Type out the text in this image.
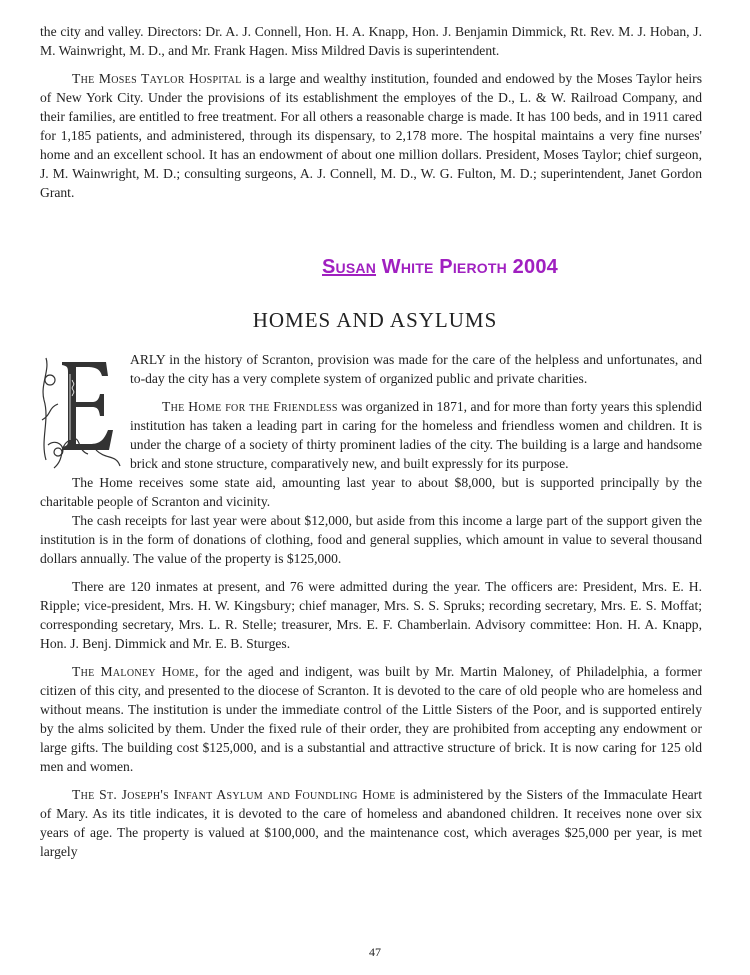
the city and valley. Directors: Dr. A. J. Connell, Hon. H. A. Knapp, Hon. J. Benjamin Dimmick, Rt. Rev. M. J. Hoban, J. M. Wainwright, M. D., and Mr. Frank Hagen. Miss Mildred Davis is superintendent.

The Moses Taylor Hospital is a large and wealthy institution, founded and endowed by the Moses Taylor heirs of New York City. Under the provisions of its establishment the employes of the D., L. & W. Railroad Company, and their families, are entitled to free treatment. For all others a reasonable charge is made. It has 100 beds, and in 1911 cared for 1,185 patients, and administered, through its dispensary, to 2,178 more. The hospital maintains a very fine nurses' home and an excellent school. It has an endowment of about one million dollars. President, Moses Taylor; chief surgeon, J. M. Wainwright, M. D.; consulting surgeons, A. J. Connell, M. D., W. G. Fulton, M. D.; superintendent, Janet Gordon Grant.

Susan White Pieroth 2004
HOMES AND ASYLUMS

ARLY in the history of Scranton, provision was made for the care of the helpless and unfortunates, and to-day the city has a very complete system of organized public and private charities.

The Home for the Friendless was organized in 1871, and for more than forty years this splendid institution has taken a leading part in caring for the homeless and friendless women and children. It is under the charge of a society of thirty prominent ladies of the city. The building is a large and handsome brick and stone structure, comparatively new, and built expressly for its purpose.

The Home receives some state aid, amounting last year to about $8,000, but is supported principally by the charitable people of Scranton and vicinity.

The cash receipts for last year were about $12,000, but aside from this income a large part of the support given the institution is in the form of donations of clothing, food and general supplies, which amount in value to several thousand dollars annually. The value of the property is $125,000.

There are 120 inmates at present, and 76 were admitted during the year. The officers are: President, Mrs. E. H. Ripple; vice-president, Mrs. H. W. Kingsbury; chief manager, Mrs. S. S. Spruks; recording secretary, Mrs. E. S. Moffat; corresponding secretary, Mrs. L. R. Stelle; treasurer, Mrs. E. F. Chamberlain. Advisory committee: Hon. H. A. Knapp, Hon. J. Benj. Dimmick and Mr. E. B. Sturges.

The Maloney Home, for the aged and indigent, was built by Mr. Martin Maloney, of Philadelphia, a former citizen of this city, and presented to the diocese of Scranton. It is devoted to the care of old people who are homeless and without means. The institution is under the immediate control of the Little Sisters of the Poor, and is supported entirely by the alms solicited by them. Under the fixed rule of their order, they are prohibited from accepting any endowment or large gifts. The building cost $125,000, and is a substantial and attractive structure of brick. It is now caring for 125 old men and women.

The St. Joseph's Infant Asylum and Foundling Home is administered by the Sisters of the Immaculate Heart of Mary. As its title indicates, it is devoted to the care of homeless and abandoned children. It receives none over six years of age. The property is valued at $100,000, and the maintenance cost, which averages $25,000 per year, is met largely

47
